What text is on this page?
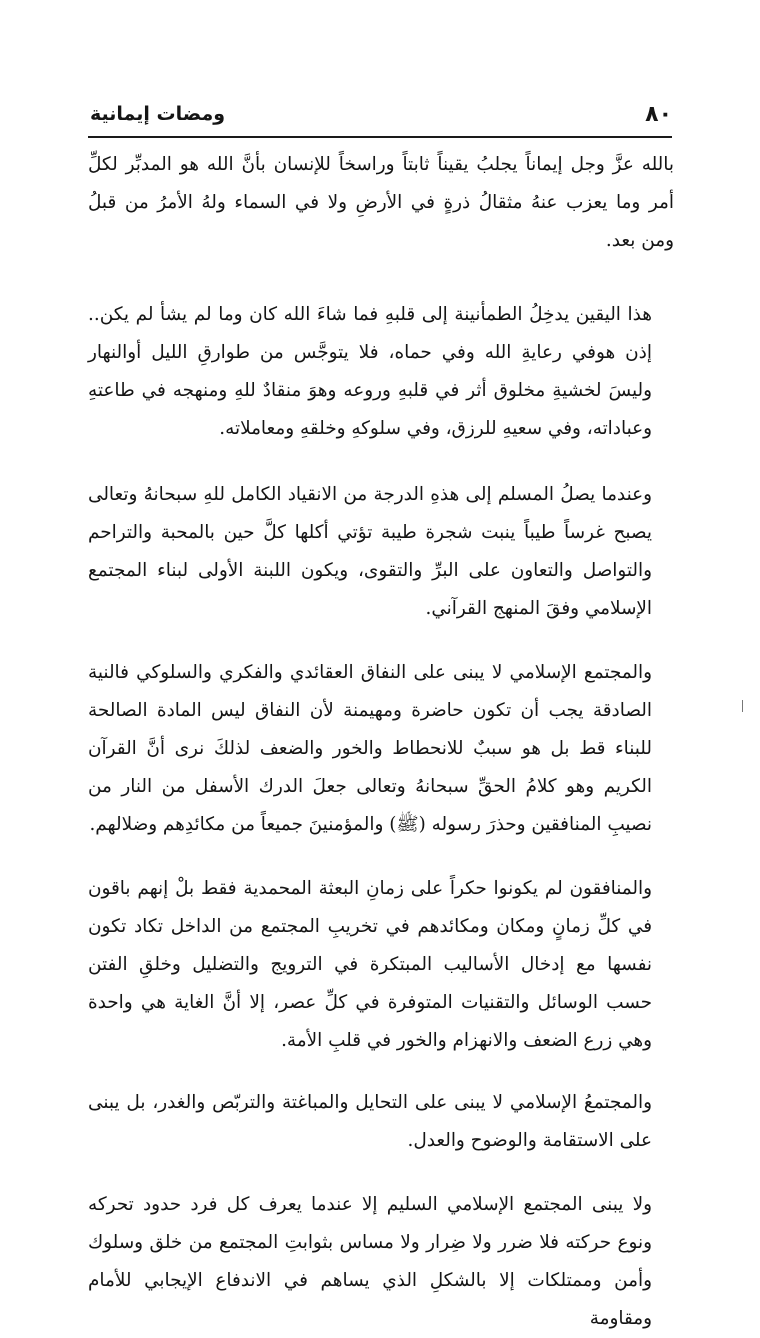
٨٠
ومضات إيمانية

بالله عزَّ وجل إيماناً يجلبُ يقيناً ثابتاً وراسخاً للإنسان بأنَّ الله هو المدبِّر لكلِّ أمر وما يعزب عنهُ مثقالُ ذرةٍ في الأرضِ ولا في السماء ولهُ الأمرُ من قبلُ ومن بعد.

هذا اليقين يدخِلُ الطمأنينة إلى قلبهِ فما شاءَ الله كان وما لم يشأ لم يكن.. إذن هوفي رعايةِ الله وفي حماه، فلا يتوجَّس من طوارقِ الليل أوالنهار وليسَ لخشيةِ مخلوق أثر في قلبهِ وروعه وهوَ منقادٌ للهِ ومنهجه في طاعتهِ وعباداته، وفي سعيهِ للرزق، وفي سلوكهِ وخلقهِ ومعاملاته.

وعندما يصلُ المسلم إلى هذهِ الدرجة من الانقياد الكامل للهِ سبحانهُ وتعالى يصبح غرساً طيباً ينبت شجرة طيبة تؤتي أكلها كلَّ حين بالمحبة والتراحم والتواصل والتعاون على البرِّ والتقوى، ويكون اللبنة الأولى لبناء المجتمع الإسلامي وفقَ المنهج القرآني.

والمجتمع الإسلامي لا يبنى على النفاق العقائدي والفكري والسلوكي فالنية الصادقة يجب أن تكون حاضرة ومهيمنة لأن النفاق ليس المادة الصالحة للبناء قط بل هو سببٌ للانحطاط والخور والضعف لذلكَ نرى أنَّ القرآن الكريم وهو كلامُ الحقِّ سبحانهُ وتعالى جعلَ الدرك الأسفل من النار من نصيبِ المنافقين وحذرَ رسوله (ﷺ) والمؤمنينَ جميعاً من مكائدِهم وضلالهم.

والمنافقون لم يكونوا حكراً على زمانِ البعثة المحمدية فقط بلْ إنهم باقون في كلِّ زمانٍ ومكان ومكائدهم في تخريبِ المجتمع من الداخل تكاد تكون نفسها مع إدخال الأساليب المبتكرة في الترويج والتضليل وخلقِ الفتن حسب الوسائل والتقنيات المتوفرة في كلِّ عصر، إلا أنَّ الغاية هي واحدة وهي زرع الضعف والانهزام والخور في قلبِ الأمة.

والمجتمعُ الإسلامي لا يبنى على التحايل والمباغتة والتربّص والغدر، بل يبنى على الاستقامة والوضوح والعدل.

ولا يبنى المجتمع الإسلامي السليم إلا عندما يعرف كل فرد حدود تحركه ونوع حركته فلا ضرر ولا ضِرار ولا مساس بثوابتِ المجتمع من خلق وسلوك وأمن وممتلكات إلا بالشكلِ الذي يساهم في الاندفاع الإيجابي للأمام ومقاومة
